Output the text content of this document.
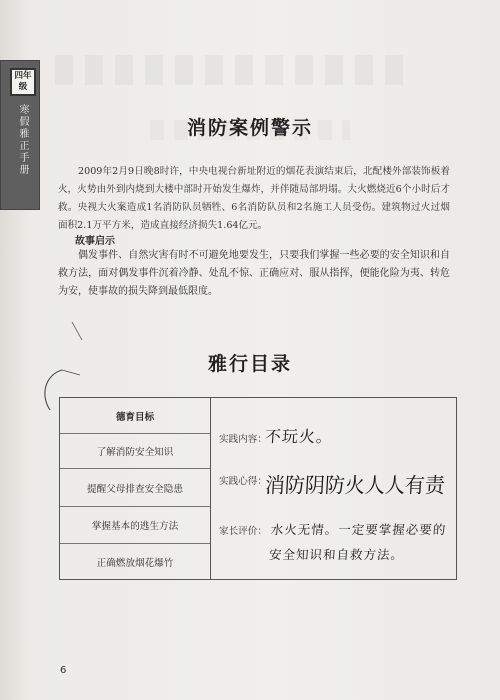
四年级
寒假雅正手册	消防案例警示
2009年2月9日晚8时许，中央电视台新址附近的烟花表演结束后，北配楼外部装饰板着火，火势由外到内烧到大楼中部时开始发生爆炸，并伴随局部坍塌。大火燃烧近6个小时后才救。央视大火案造成1名消防队员牺牲、6名消防队员和2名施工人员受伤。建筑物过火过烟面积2.1万平方米，造成直接经济损失1.64亿元。
故事启示
偶发事件、自然灾害有时不可避免地要发生，只要我们掌握一些必要的安全知识和自救方法，面对偶发事件沉着冷静、处乱不惊、正确应对、服从指挥，便能化险为夷、转危为安，使事故的损失降到最低限度。
雅行目录
德育目标
了解消防安全知识
提醒父母排查安全隐患
掌握基本的逃生方法
正确燃放烟花爆竹
实践内容：
实践心得：
家长评价：
不玩火。
消防阴防火人人有责
水火无情。一定要掌握必要的安全知识和自救方法。
6
